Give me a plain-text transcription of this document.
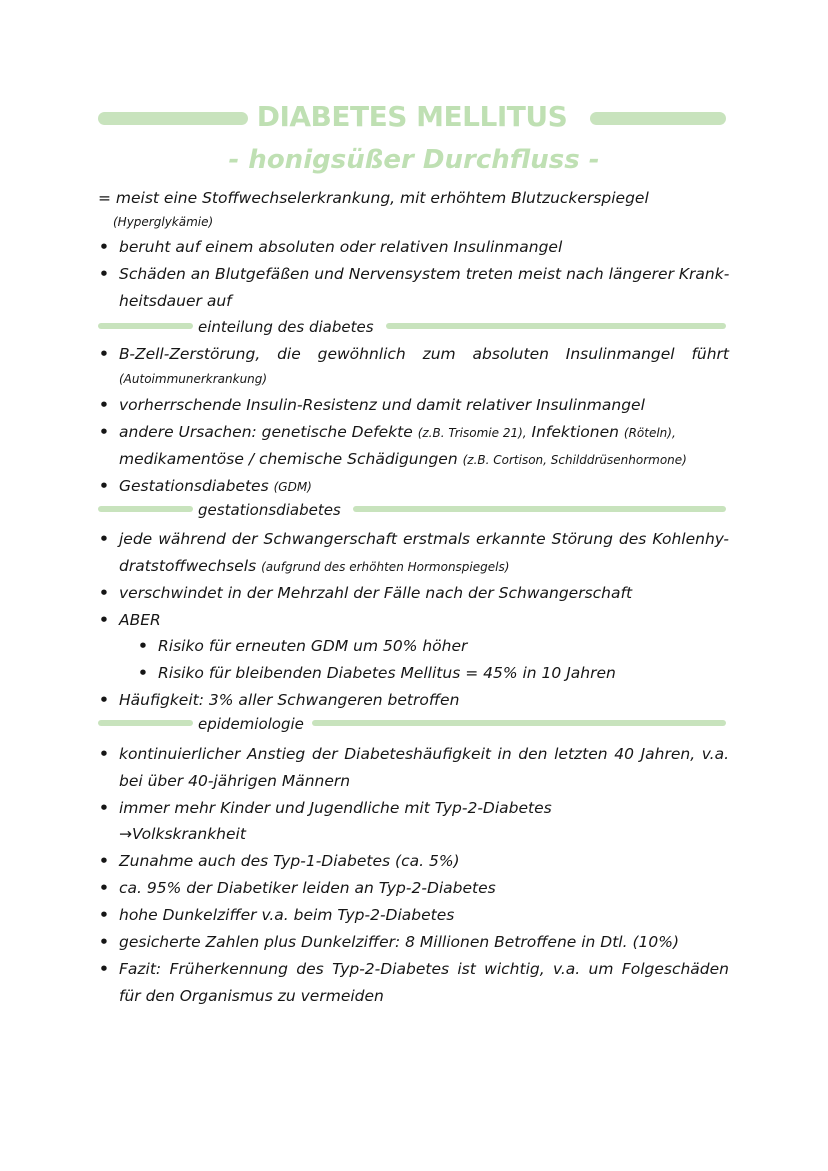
DIABETES MELLITUS
- honigsüßer Durchfluss -
= meist eine Stoffwechselerkrankung, mit erhöhtem Blutzuckerspiegel
(Hyperglykämie)
• beruht auf einem absoluten oder relativen Insulinmangel
• Schäden an Blutgefäßen und Nervensystem treten meist nach längerer Krank-
heitsdauer auf
einteilung des diabetes
• B-Zell-Zerstörung, die gewöhnlich zum absoluten Insulinmangel führt
(Autoimmunerkrankung)
• vorherrschende Insulin-Resistenz und damit relativer Insulinmangel
• andere Ursachen: genetische Defekte (z.B. Trisomie 21), Infektionen (Röteln),
medikamentöse / chemische Schädigungen (z.B. Cortison, Schilddrüsenhormone)
• Gestationsdiabetes (GDM)
gestationsdiabetes
• jede während der Schwangerschaft erstmals erkannte Störung des Kohlenhy-
dratstoffwechsels (aufgrund des erhöhten Hormonspiegels)
• verschwindet in der Mehrzahl der Fälle nach der Schwangerschaft
• ABER
• Risiko für erneuten GDM um 50% höher
• Risiko für bleibenden Diabetes Mellitus = 45% in 10 Jahren
• Häufigkeit: 3% aller Schwangeren betroffen
epidemiologie
• kontinuierlicher Anstieg der Diabeteshäufigkeit in den letzten 40 Jahren, v.a.
bei über 40-jährigen Männern
• immer mehr Kinder und Jugendliche mit Typ-2-Diabetes
→Volkskrankheit
• Zunahme auch des Typ-1-Diabetes (ca. 5%)
• ca. 95% der Diabetiker leiden an Typ-2-Diabetes
• hohe Dunkelziffer v.a. beim Typ-2-Diabetes
• gesicherte Zahlen plus Dunkelziffer: 8 Millionen Betroffene in Dtl. (10%)
• Fazit: Früherkennung des Typ-2-Diabetes ist wichtig, v.a. um Folgeschäden
für den Organismus zu vermeiden
